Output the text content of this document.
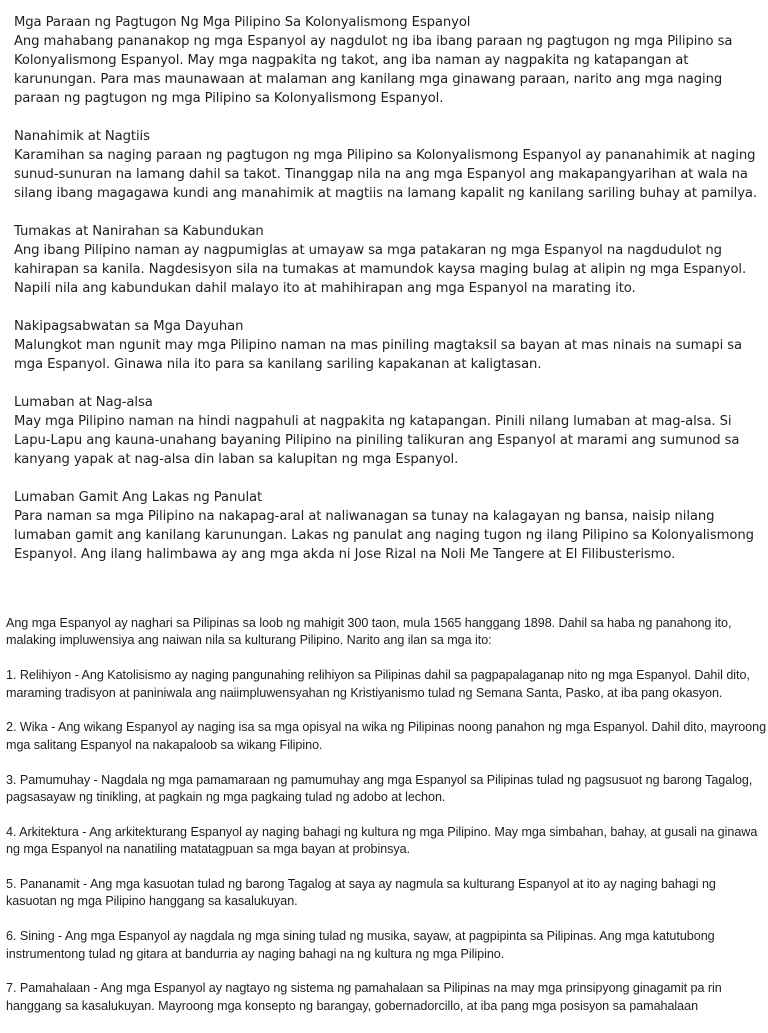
Mga Paraan ng Pagtugon Ng Mga Pilipino Sa Kolonyalismong Espanyol
Ang mahabang pananakop ng mga Espanyol ay nagdulot ng iba ibang paraan ng pagtugon ng mga Pilipino sa Kolonyalismong Espanyol. May mga nagpakita ng takot, ang iba naman ay nagpakita ng katapangan at karunungan. Para mas maunawaan at malaman ang kanilang mga ginawang paraan, narito ang mga naging paraan ng pagtugon ng mga Pilipino sa Kolonyalismong Espanyol.
Nanahimik at Nagtiis
Karamihan sa naging paraan ng pagtugon ng mga Pilipino sa Kolonyalismong Espanyol ay pananahimik at naging sunud-sunuran na lamang dahil sa takot. Tinanggap nila na ang mga Espanyol ang makapangyarihan at wala na silang ibang magagawa kundi ang manahimik at magtiis na lamang kapalit ng kanilang sariling buhay at pamilya.
Tumakas at Nanirahan sa Kabundukan
Ang ibang Pilipino naman ay nagpumiglas at umayaw sa mga patakaran ng mga Espanyol na nagdudulot ng kahirapan sa kanila. Nagdesisyon sila na tumakas at mamundok kaysa maging bulag at alipin ng mga Espanyol. Napili nila ang kabundukan dahil malayo ito at mahihirapan ang mga Espanyol na marating ito.
Nakipagsabwatan sa Mga Dayuhan
Malungkot man ngunit may mga Pilipino naman na mas piniling magtaksil sa bayan at mas ninais na sumapi sa mga Espanyol. Ginawa nila ito para sa kanilang sariling kapakanan at kaligtasan.
Lumaban at Nag-alsa
May mga Pilipino naman na hindi nagpahuli at nagpakita ng katapangan. Pinili nilang lumaban at mag-alsa. Si Lapu-Lapu ang kauna-unahang bayaning Pilipino na piniling talikuran ang Espanyol at marami ang sumunod sa kanyang yapak at nag-alsa din laban sa kalupitan ng mga Espanyol.
Lumaban Gamit Ang Lakas ng Panulat
Para naman sa mga Pilipino na nakapag-aral at naliwanagan sa tunay na kalagayan ng bansa, naisip nilang lumaban gamit ang kanilang karunungan. Lakas ng panulat ang naging tugon ng ilang Pilipino sa Kolonyalismong Espanyol. Ang ilang halimbawa ay ang mga akda ni Jose Rizal na Noli Me Tangere at El Filibusterismo.

Ang mga Espanyol ay naghari sa Pilipinas sa loob ng mahigit 300 taon, mula 1565 hanggang 1898. Dahil sa haba ng panahong ito, malaking impluwensiya ang naiwan nila sa kulturang Pilipino. Narito ang ilan sa mga ito:

1. Relihiyon - Ang Katolisismo ay naging pangunahing relihiyon sa Pilipinas dahil sa pagpapalaganap nito ng mga Espanyol. Dahil dito, maraming tradisyon at paniniwala ang naiimpluwensyahan ng Kristiyanismo tulad ng Semana Santa, Pasko, at iba pang okasyon.

2. Wika - Ang wikang Espanyol ay naging isa sa mga opisyal na wika ng Pilipinas noong panahon ng mga Espanyol. Dahil dito, mayroong mga salitang Espanyol na nakapaloob sa wikang Filipino.

3. Pamumuhay - Nagdala ng mga pamamaraan ng pamumuhay ang mga Espanyol sa Pilipinas tulad ng pagsusuot ng barong Tagalog, pagsasayaw ng tinikling, at pagkain ng mga pagkaing tulad ng adobo at lechon.

4. Arkitektura - Ang arkitekturang Espanyol ay naging bahagi ng kultura ng mga Pilipino. May mga simbahan, bahay, at gusali na ginawa ng mga Espanyol na nanatiling matatagpuan sa mga bayan at probinsya.

5. Pananamit - Ang mga kasuotan tulad ng barong Tagalog at saya ay nagmula sa kulturang Espanyol at ito ay naging bahagi ng kasuotan ng mga Pilipino hanggang sa kasalukuyan.

6. Sining - Ang mga Espanyol ay nagdala ng mga sining tulad ng musika, sayaw, at pagpipinta sa Pilipinas. Ang mga katutubong instrumentong tulad ng gitara at bandurria ay naging bahagi na ng kultura ng mga Pilipino.

7. Pamahalaan - Ang mga Espanyol ay nagtayo ng sistema ng pamahalaan sa Pilipinas na may mga prinsipyong ginagamit pa rin hanggang sa kasalukuyan. Mayroong mga konsepto ng barangay, gobernadorcillo, at iba pang mga posisyon sa pamahalaan
